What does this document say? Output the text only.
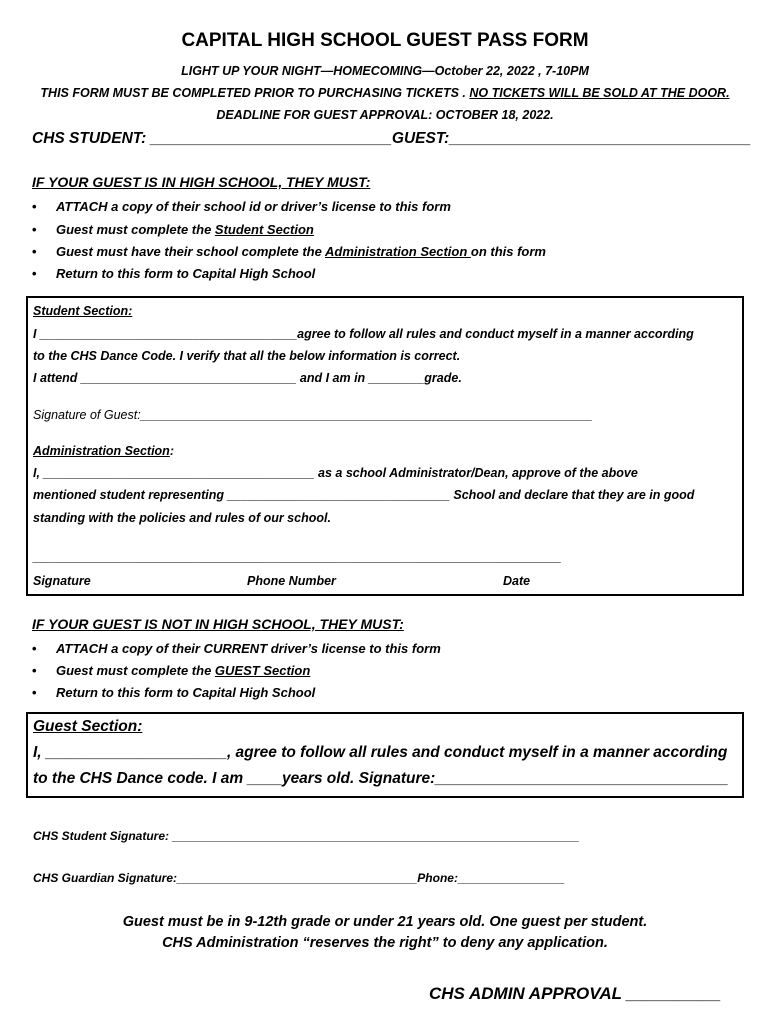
CAPITAL HIGH SCHOOL GUEST PASS FORM
LIGHT UP YOUR NIGHT—HOMECOMING—October 22, 2022 , 7-10PM
THIS FORM MUST BE COMPLETED PRIOR TO PURCHASING TICKETS . NO TICKETS WILL BE SOLD AT THE DOOR.
DEADLINE FOR GUEST APPROVAL: OCTOBER 18, 2022.
CHS STUDENT: ____________________________GUEST:___________________________________
IF YOUR GUEST IS IN HIGH SCHOOL, THEY MUST:
• ATTACH a copy of their school id or driver’s license to this form
• Guest must complete the Student Section
• Guest must have their school complete the Administration Section on this form
• Return to this form to Capital High School
Student Section:
I _____________________________________agree to follow all rules and conduct myself in a manner according
to the CHS Dance Code. I verify that all the below information is correct.
I attend _______________________________ and I am in ________grade.
Signature of Guest:_________________________________________________________________
Administration Section:
I, _______________________________________ as a school Administrator/Dean, approve of the above
mentioned student representing ________________________________ School and declare that they are in good
standing with the policies and rules of our school.
____________________________________________________________________________
Signature	Phone Number	Date
IF YOUR GUEST IS NOT IN HIGH SCHOOL, THEY MUST:
• ATTACH a copy of their CURRENT driver’s license to this form
• Guest must complete the GUEST Section
• Return to this form to Capital High School
Guest Section:
I, _____________________, agree to follow all rules and conduct myself in a manner according
to the CHS Dance code. I am ____years old. Signature:__________________________________
CHS Student Signature: _____________________________________________________________
CHS Guardian Signature:____________________________________Phone:________________
Guest must be in 9-12th grade or under 21 years old. One guest per student.
CHS Administration “reserves the right” to deny any application.
CHS ADMIN APPROVAL __________
